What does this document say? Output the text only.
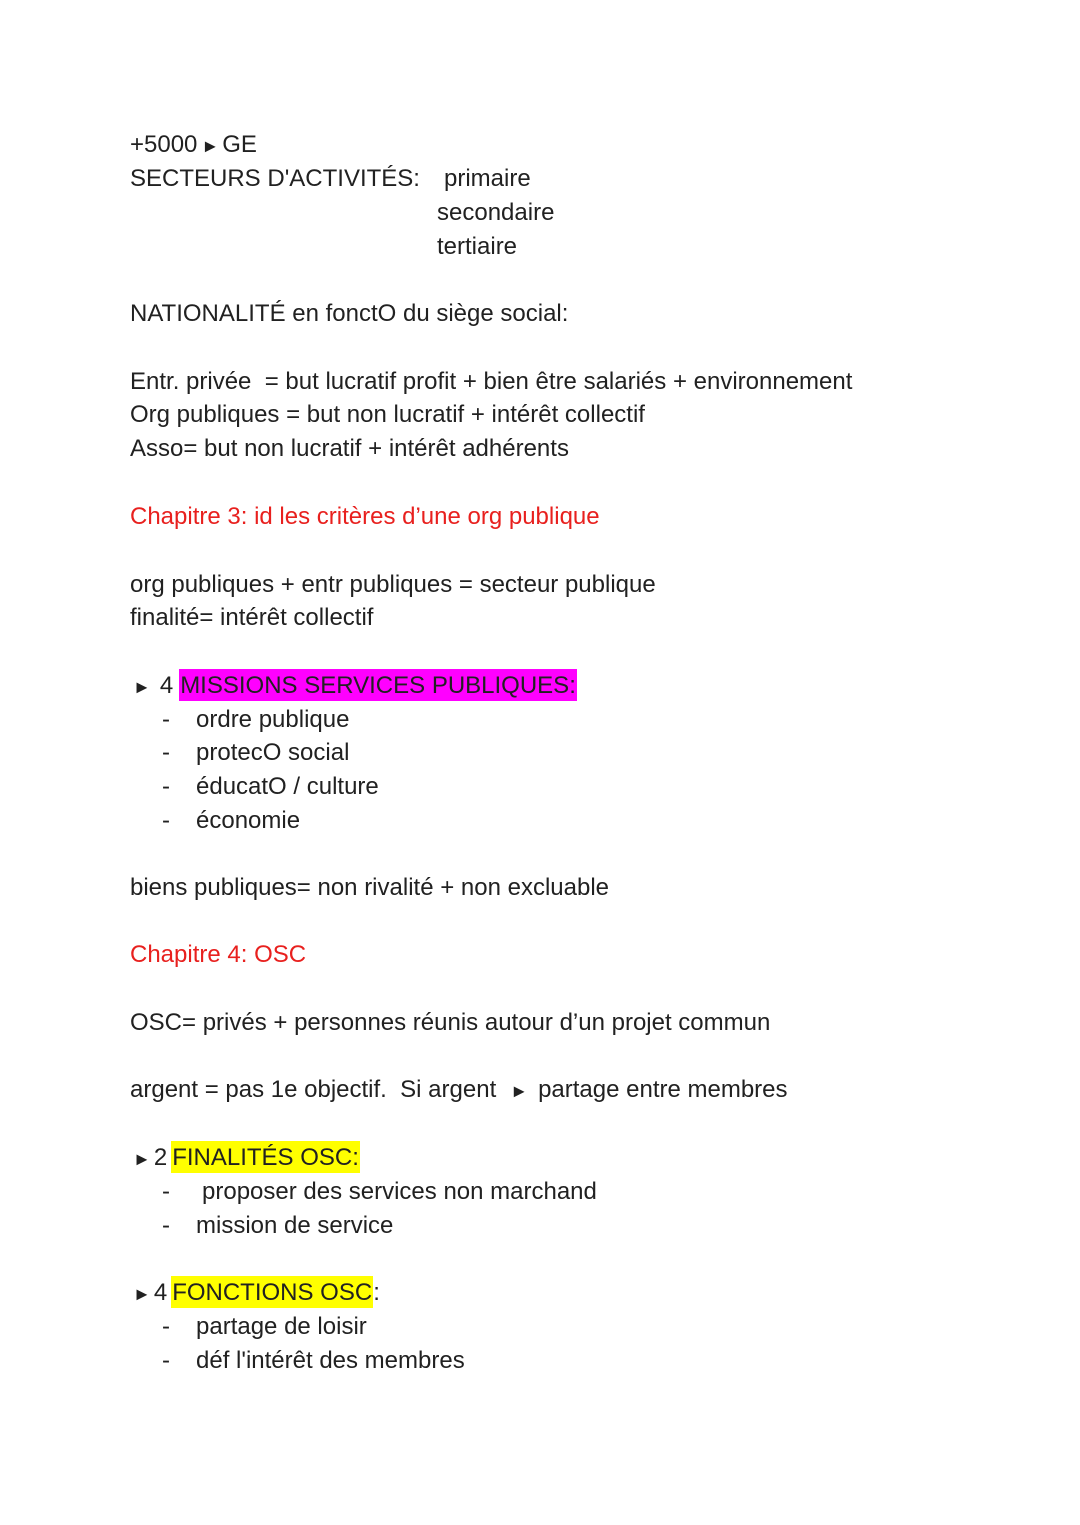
+5000 ► GE
SECTEURS D'ACTIVITÉS: primaire
secondaire
tertiaire
NATIONALITÉ en fonctO du siège social:
Entr. privée  = but lucratif profit + bien être salariés + environnement
Org publiques = but non lucratif + intérêt collectif
Asso= but non lucratif + intérêt adhérents
Chapitre 3: id les critères d’une org publique
org publiques + entr publiques = secteur publique
finalité= intérêt collectif
► 4 MISSIONS SERVICES PUBLIQUES:
- ordre publique
- protecO social
- éducatO / culture
- économie
biens publiques= non rivalité + non excluable
Chapitre 4: OSC
OSC= privés + personnes réunis autour d’un projet commun
argent = pas 1e objectif.  Si argent ► partage entre membres
► 2 FINALITÉS OSC:
- proposer des services non marchand
- mission de service
► 4 FONCTIONS OSC:
- partage de loisir
- déf l'intérêt des membres
